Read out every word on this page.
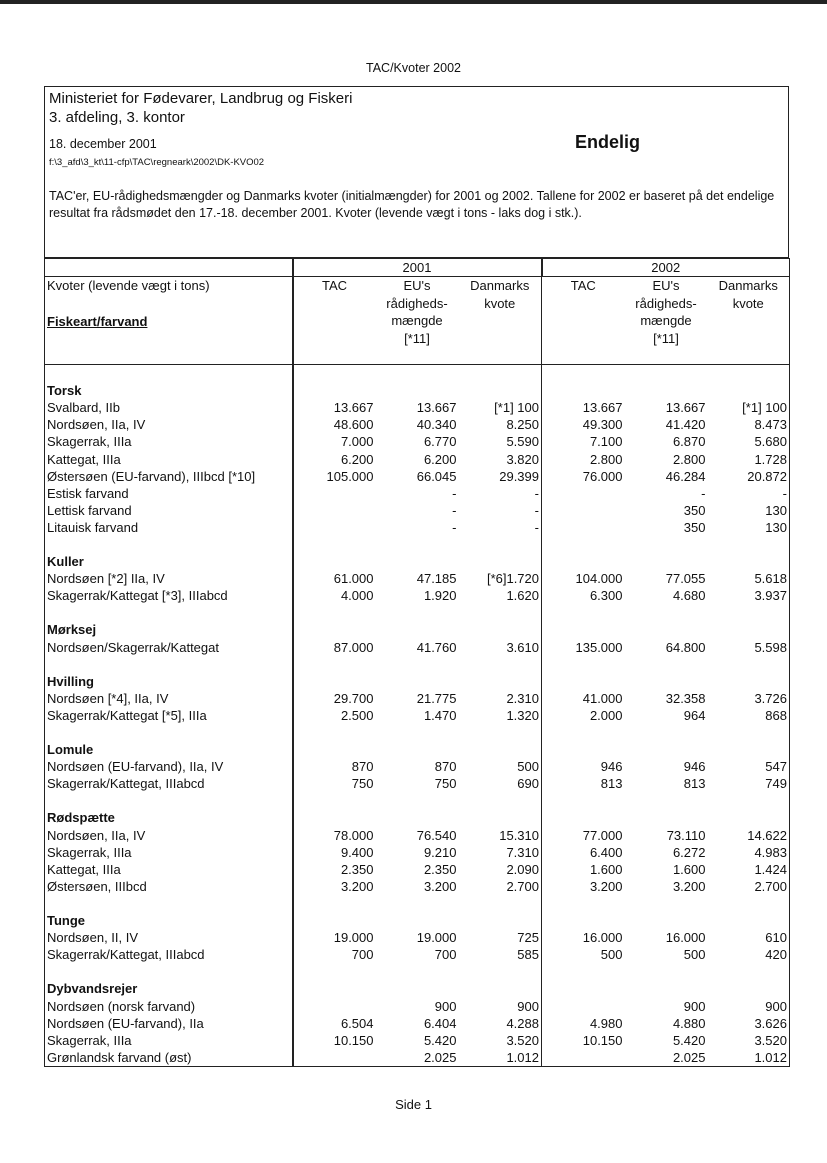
TAC/Kvoter 2002
Ministeriet for Fødevarer, Landbrug og Fiskeri
3. afdeling, 3. kontor
18. december 2001
f:\3_afd\3_kt\11-cfp\TAC\regneark\2002\DK-KVO02
Endelig
TAC'er, EU-rådighedsmængder og Danmarks kvoter (initialmængder) for 2001 og 2002. Tallene for 2002 er baseret på det endelige resultat fra rådsmødet den 17.-18. december 2001. Kvoter (levende vægt i tons - laks dog i stk.).
	2001			2002		
Kvoter (levende vægt i tons)
Fiskeart/farvand	TAC	EU's rådigheds- mængde [*11]	Danmarks kvote	TAC	EU's rådigheds- mængde [*11]	Danmarks kvote

Torsk						
Svalbard, IIb	13.667	13.667	[*1] 100	13.667	13.667	[*1] 100
Nordsøen, IIa, IV	48.600	40.340	8.250	49.300	41.420	8.473
Skagerrak, IIIa	7.000	6.770	5.590	7.100	6.870	5.680
Kattegat, IIIa	6.200	6.200	3.820	2.800	2.800	1.728
Østersøen (EU-farvand), IIIbcd [*10]	105.000	66.045	29.399	76.000	46.284	20.872
Estisk farvand		-	-		-	-
Lettisk farvand		-	-		350	130
Litauisk farvand		-	-		350	130

Kuller						
Nordsøen [*2] IIa, IV	61.000	47.185	[*6]1.720	104.000	77.055	5.618
Skagerrak/Kattegat [*3], IIIabcd	4.000	1.920	1.620	6.300	4.680	3.937

Mørksej						
Nordsøen/Skagerrak/Kattegat	87.000	41.760	3.610	135.000	64.800	5.598

Hvilling						
Nordsøen [*4], IIa, IV	29.700	21.775	2.310	41.000	32.358	3.726
Skagerrak/Kattegat [*5], IIIa	2.500	1.470	1.320	2.000	964	868

Lomule						
Nordsøen (EU-farvand), IIa, IV	870	870	500	946	946	547
Skagerrak/Kattegat, IIIabcd	750	750	690	813	813	749

Rødspætte						
Nordsøen, IIa, IV	78.000	76.540	15.310	77.000	73.110	14.622
Skagerrak, IIIa	9.400	9.210	7.310	6.400	6.272	4.983
Kattegat, IIIa	2.350	2.350	2.090	1.600	1.600	1.424
Østersøen, IIIbcd	3.200	3.200	2.700	3.200	3.200	2.700

Tunge						
Nordsøen, II, IV	19.000	19.000	725	16.000	16.000	610
Skagerrak/Kattegat, IIIabcd	700	700	585	500	500	420

Dybvandsrejer						
Nordsøen (norsk farvand)		900	900		900	900
Nordsøen (EU-farvand), IIa	6.504	6.404	4.288	4.980	4.880	3.626
Skagerrak, IIIa	10.150	5.420	3.520	10.150	5.420	3.520
Grønlandsk farvand (øst)		2.025	1.012		2.025	1.012
Side 1
